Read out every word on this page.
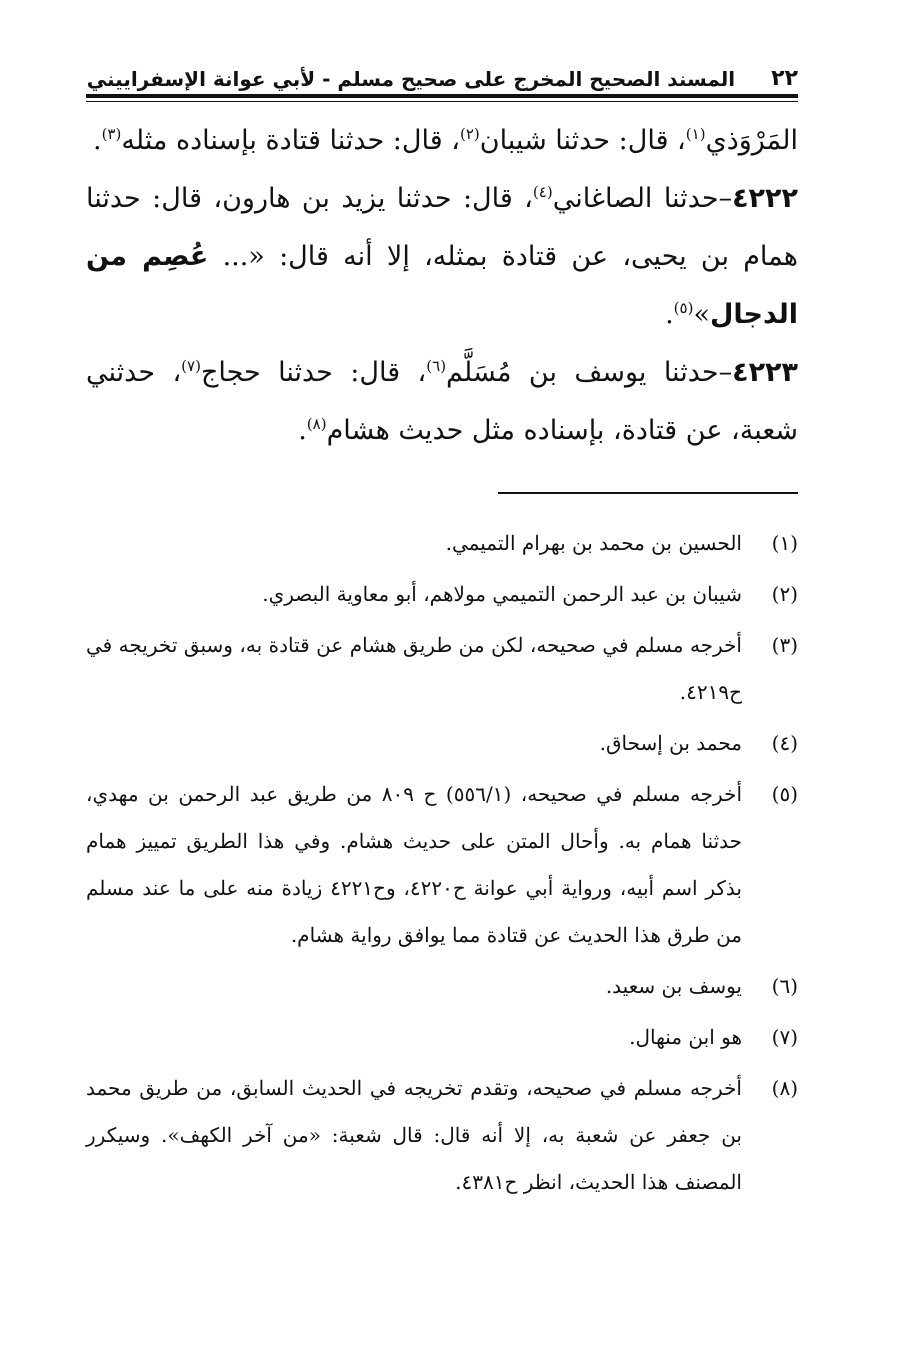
٢٢
المسند الصحيح المخرج على صحيح مسلم - لأبي عوانة الإسفراييني

المَرْوَذي$^{(١)}$، قال: حدثنا شيبان$^{(٢)}$، قال: حدثنا قتادة بإسناده مثله$^{(٣)}$.

٤٢٢٢–حدثنا الصاغاني$^{(٤)}$، قال: حدثنا يزيد بن هارون، قال: حدثنا همام بن يحيى، عن قتادة بمثله، إلا أنه قال: «... عُصِم من الدجال»$^{(٥)}$.

٤٢٢٣–حدثنا يوسف بن مُسَلَّم$^{(٦)}$، قال: حدثنا حجاج$^{(٧)}$، حدثني شعبة، عن قتادة، بإسناده مثل حديث هشام$^{(٨)}$.

(١)
الحسين بن محمد بن بهرام التميمي.
(٢)
شيبان بن عبد الرحمن التميمي مولاهم، أبو معاوية البصري.
(٣)
أخرجه مسلم في صحيحه، لكن من طريق هشام عن قتادة به، وسبق تخريجه في ح٤٢١٩.
(٤)
محمد بن إسحاق.
(٥)
أخرجه مسلم في صحيحه، (٥٥٦/١) ح ٨٠٩ من طريق عبد الرحمن بن مهدي، حدثنا همام به. وأحال المتن على حديث هشام. وفي هذا الطريق تمييز همام بذكر اسم أبيه، ورواية أبي عوانة ح٤٢٢٠، وح٤٢٢١ زيادة منه على ما عند مسلم من طرق هذا الحديث عن قتادة مما يوافق رواية هشام.
(٦)
يوسف بن سعيد.
(٧)
هو ابن منهال.
(٨)
أخرجه مسلم في صحيحه، وتقدم تخريجه في الحديث السابق، من طريق محمد بن جعفر عن شعبة به، إلا أنه قال: قال شعبة: «من آخر الكهف». وسيكرر المصنف هذا الحديث، انظر ح٤٣٨١.
